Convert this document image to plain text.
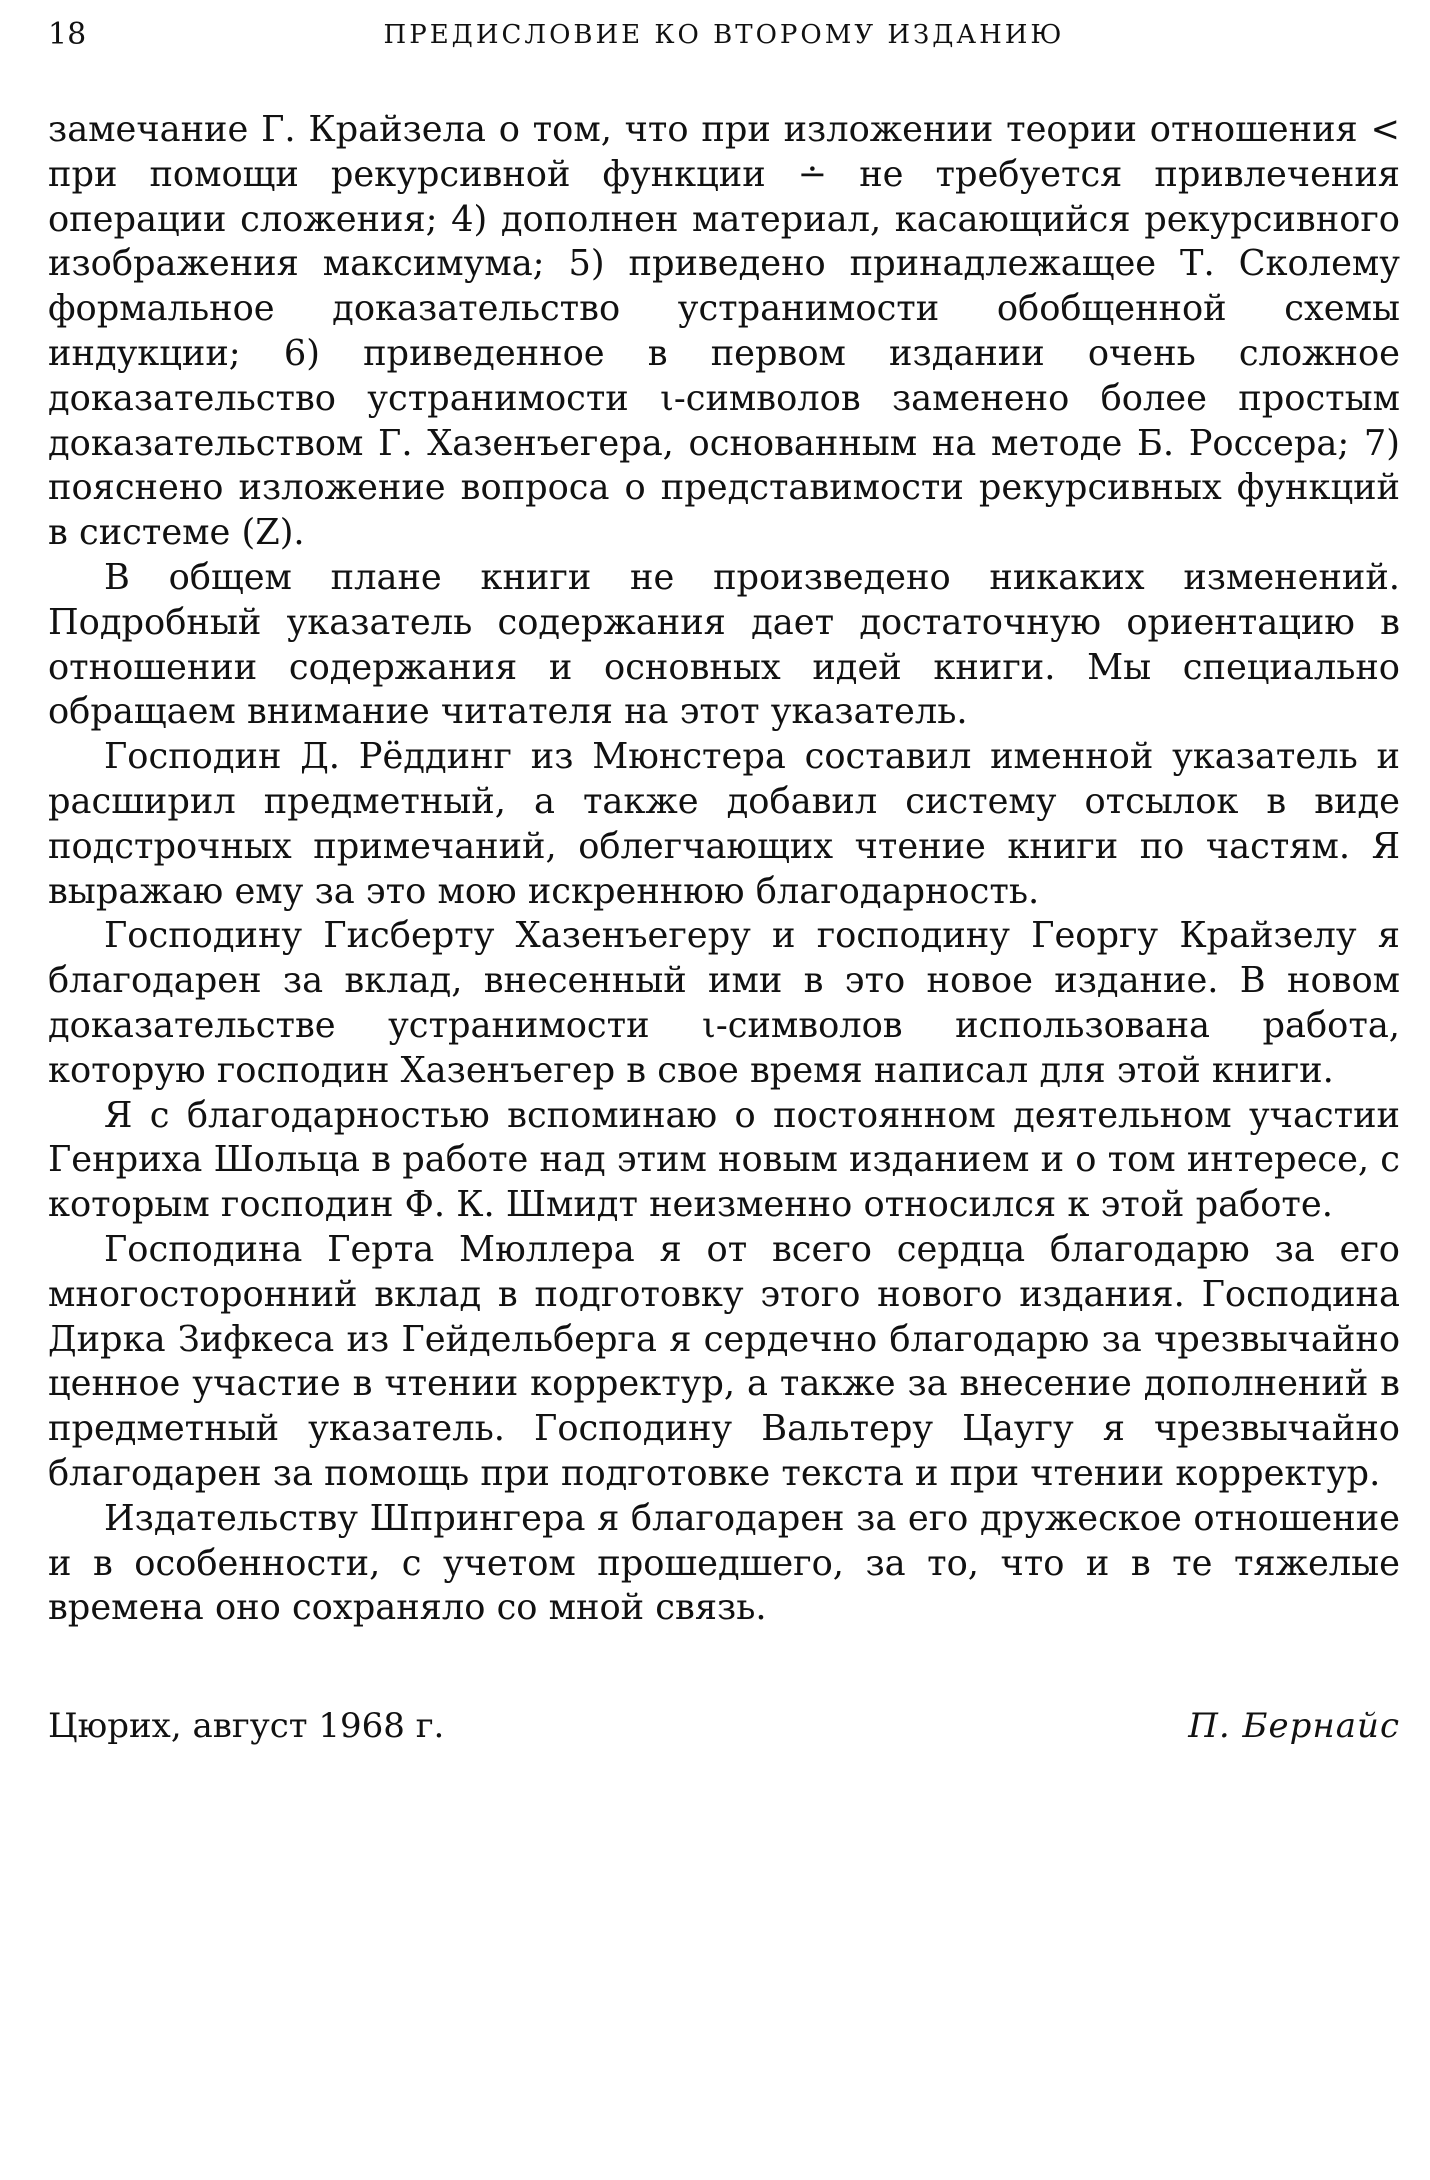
18	ПРЕДИСЛОВИЕ КО ВТОРОМУ ИЗДАНИЮ

замечание Г. Крайзела о том, что при изложении теории отношения < при помощи рекурсивной функции ∸ не требуется привлечения операции сложения; 4) дополнен материал, касающийся рекурсивного изображения максимума; 5) приведено принадлежащее Т. Сколему формальное доказательство устранимости обобщенной схемы индукции; 6) приведенное в первом издании очень сложное доказательство устранимости ι-символов заменено более простым доказательством Г. Хазенъегера, основанным на методе Б. Россера; 7) пояснено изложение вопроса о представимости рекурсивных функций в системе (Z).

В общем плане книги не произведено никаких изменений. Подробный указатель содержания дает достаточную ориентацию в отношении содержания и основных идей книги. Мы специально обращаем внимание читателя на этот указатель.

Господин Д. Рёддинг из Мюнстера составил именной указатель и расширил предметный, а также добавил систему отсылок в виде подстрочных примечаний, облегчающих чтение книги по частям. Я выражаю ему за это мою искреннюю благодарность.

Господину Гисберту Хазенъегеру и господину Георгу Крайзелу я благодарен за вклад, внесенный ими в это новое издание. В новом доказательстве устранимости ι-символов использована работа, которую господин Хазенъегер в свое время написал для этой книги.

Я с благодарностью вспоминаю о постоянном деятельном участии Генриха Шольца в работе над этим новым изданием и о том интересе, с которым господин Ф. К. Шмидт неизменно относился к этой работе.

Господина Герта Мюллера я от всего сердца благодарю за его многосторонний вклад в подготовку этого нового издания. Господина Дирка Зифкеса из Гейдельберга я сердечно благодарю за чрезвычайно ценное участие в чтении корректур, а также за внесение дополнений в предметный указатель. Господину Вальтеру Цаугу я чрезвычайно благодарен за помощь при подготовке текста и при чтении корректур.

Издательству Шпрингера я благодарен за его дружеское отношение и в особенности, с учетом прошедшего, за то, что и в те тяжелые времена оно сохраняло со мной связь.

Цюрих, август 1968 г.	П. Бернайс
